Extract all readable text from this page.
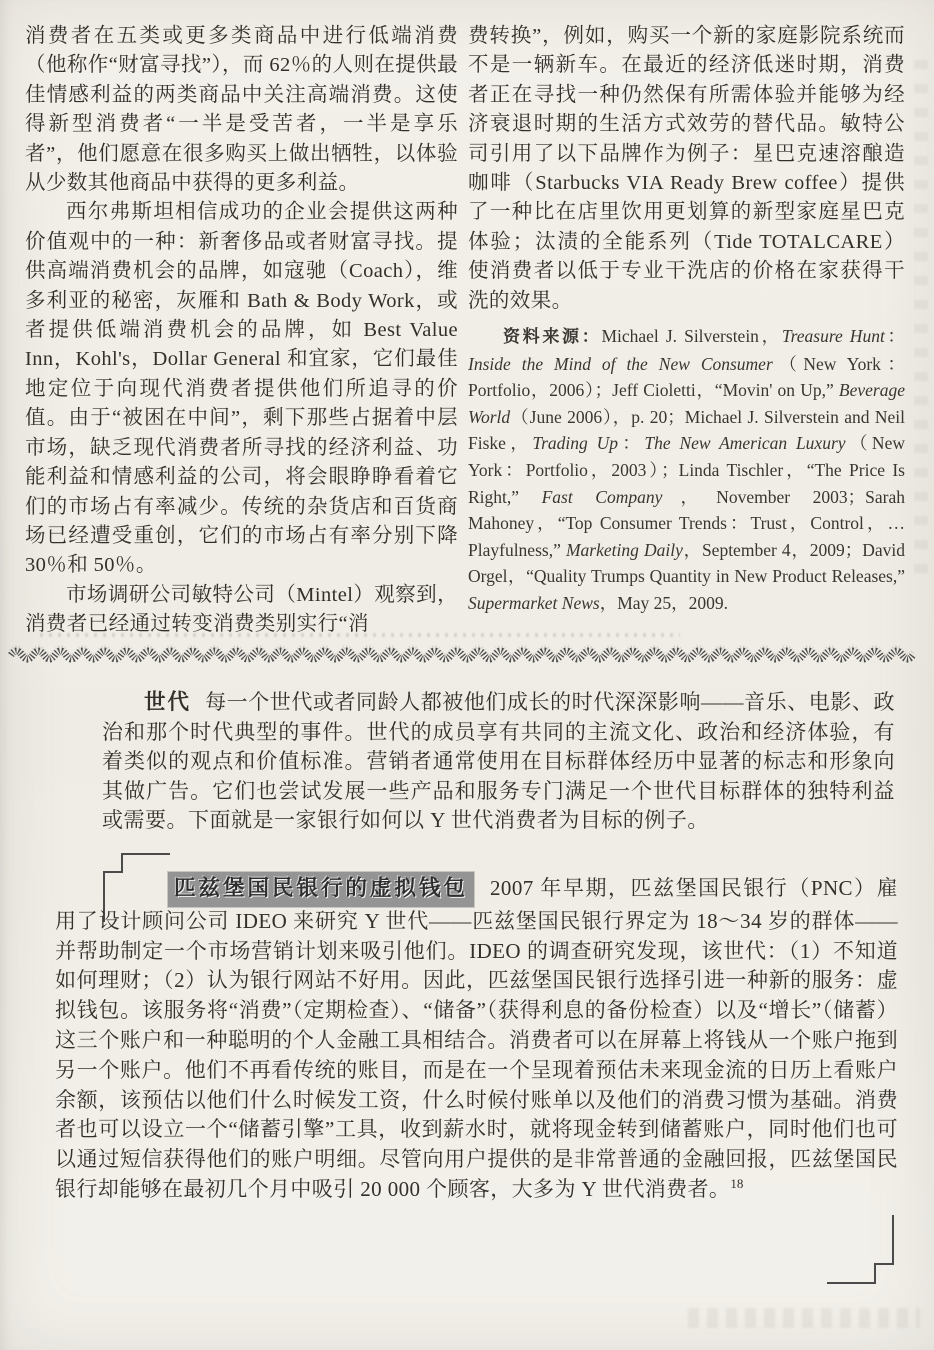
消费者在五类或更多类商品中进行低端消费（他称作“财富寻找”），而 62％的人则在提供最佳情感利益的两类商品中关注高端消费。这使得新型消费者“一半是受苦者，一半是享乐者”，他们愿意在很多购买上做出牺牲，以体验从少数其他商品中获得的更多利益。

西尔弗斯坦相信成功的企业会提供这两种价值观中的一种：新奢侈品或者财富寻找。提供高端消费机会的品牌，如寇驰（Coach），维多利亚的秘密，灰雁和 Bath & Body Work，或者提供低端消费机会的品牌，如 Best Value Inn，Kohl's，Dollar General 和宜家，它们最佳地定位于向现代消费者提供他们所追寻的价值。由于“被困在中间”，剩下那些占据着中层市场，缺乏现代消费者所寻找的经济利益、功能利益和情感利益的公司，将会眼睁睁看着它们的市场占有率减少。传统的杂货店和百货商场已经遭受重创，它们的市场占有率分别下降 30％和 50％。

市场调研公司敏特公司（Mintel）观察到，消费者已经通过转变消费类别实行“消

费转换”，例如，购买一个新的家庭影院系统而不是一辆新车。在最近的经济低迷时期，消费者正在寻找一种仍然保有所需体验并能够为经济衰退时期的生活方式效劳的替代品。敏特公司引用了以下品牌作为例子：星巴克速溶酿造咖啡（Starbucks VIA Ready Brew coffee）提供了一种比在店里饮用更划算的新型家庭星巴克体验；汰渍的全能系列（Tide TOTALCARE）使消费者以低于专业干洗店的价格在家获得干洗的效果。

资料来源：Michael J. Silverstein，Treasure Hunt：Inside the Mind of the New Consumer（New York：Portfolio，2006）；Jeff Cioletti，“Movin' on Up,” Beverage World（June 2006），p. 20；Michael J. Silverstein and Neil Fiske，Trading Up：The New American Luxury（New York：Portfolio，2003）；Linda Tischler，“The Price Is Right,” Fast Company，November 2003；Sarah Mahoney，“Top Consumer Trends：Trust，Control，…Playfulness,” Marketing Daily，September 4，2009；David Orgel，“Quality Trumps Quantity in New Product Releases,” Supermarket News，May 25，2009.

世代 每一个世代或者同龄人都被他们成长的时代深深影响——音乐、电影、政治和那个时代典型的事件。世代的成员享有共同的主流文化、政治和经济体验，有着类似的观点和价值标准。营销者通常使用在目标群体经历中显著的标志和形象向其做广告。它们也尝试发展一些产品和服务专门满足一个世代目标群体的独特利益或需要。下面就是一家银行如何以 Y 世代消费者为目标的例子。

匹兹堡国民银行的虚拟钱包 2007 年早期，匹兹堡国民银行（PNC）雇用了设计顾问公司 IDEO 来研究 Y 世代——匹兹堡国民银行界定为 18～34 岁的群体——并帮助制定一个市场营销计划来吸引他们。IDEO 的调查研究发现，该世代：（1）不知道如何理财；（2）认为银行网站不好用。因此，匹兹堡国民银行选择引进一种新的服务：虚拟钱包。该服务将“消费”（定期检查）、“储备”（获得利息的备份检查）以及“增长”（储蓄）这三个账户和一种聪明的个人金融工具相结合。消费者可以在屏幕上将钱从一个账户拖到另一个账户。他们不再看传统的账目，而是在一个呈现着预估未来现金流的日历上看账户余额，该预估以他们什么时候发工资，什么时候付账单以及他们的消费习惯为基础。消费者也可以设立一个“储蓄引擎”工具，收到薪水时，就将现金转到储蓄账户，同时他们也可以通过短信获得他们的账户明细。尽管向用户提供的是非常普通的金融回报，匹兹堡国民银行却能够在最初几个月中吸引 20 000 个顾客，大多为 Y 世代消费者。$^{18}$
